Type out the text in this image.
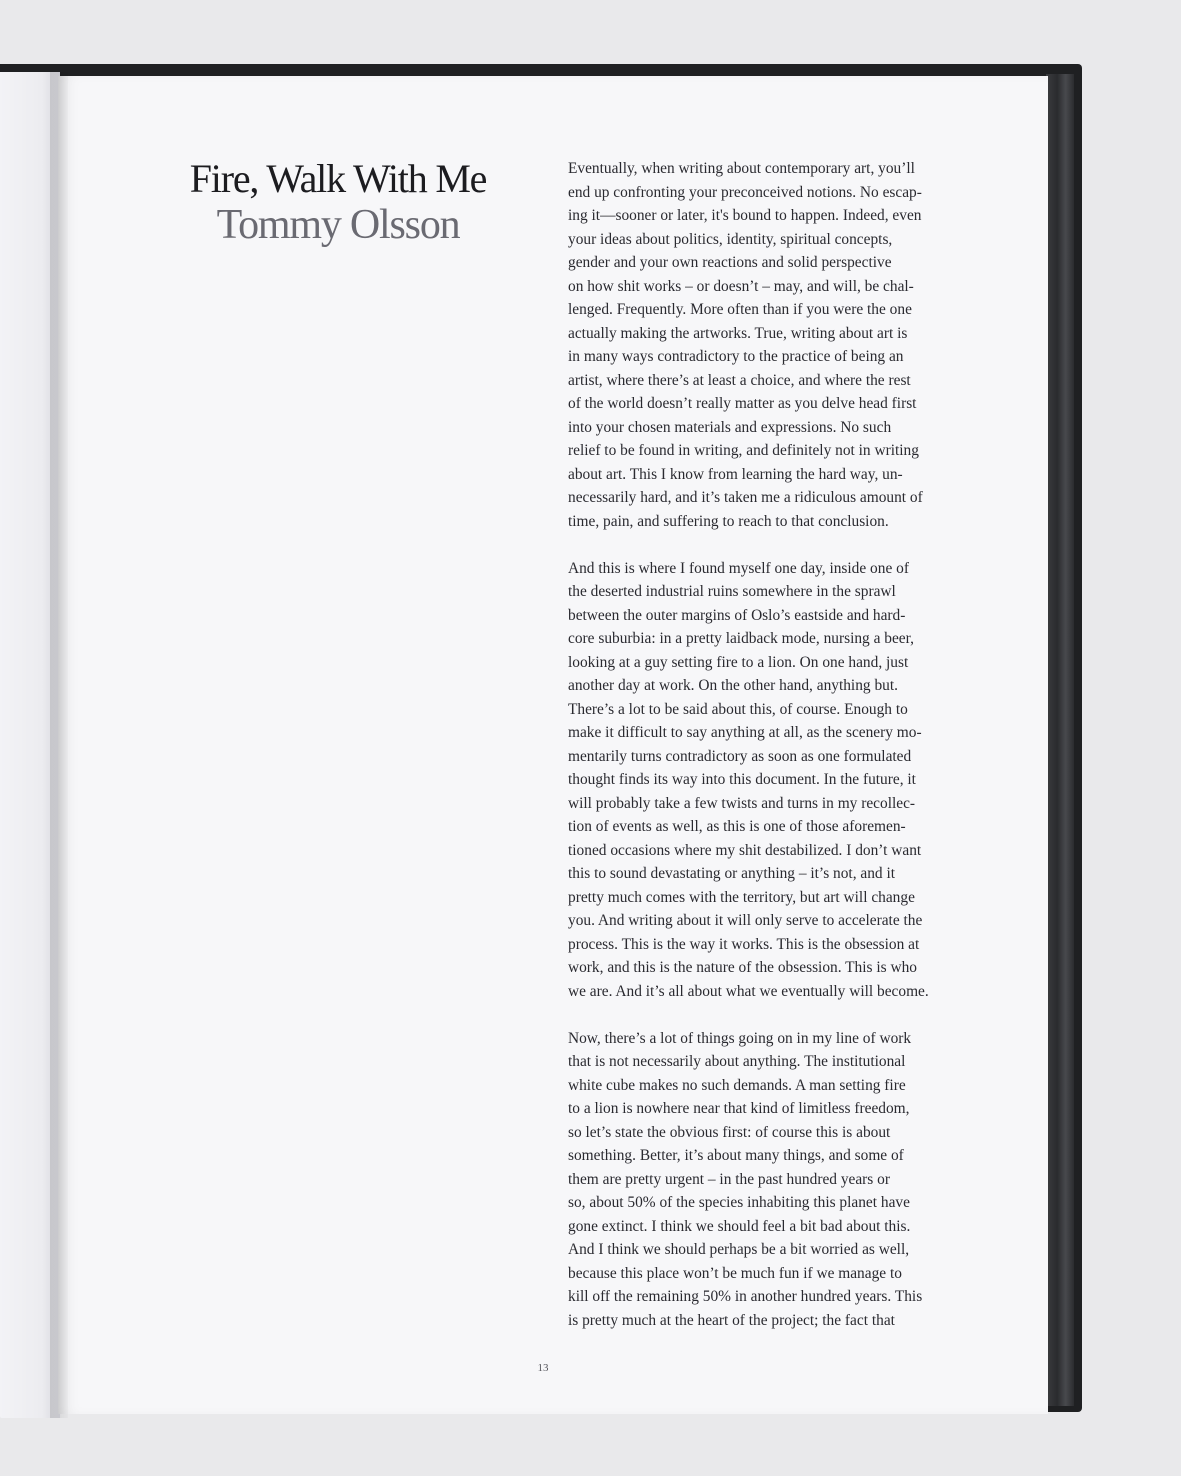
Fire, Walk With Me
Tommy Olsson
Eventually, when writing about contemporary art, you’ll
end up confronting your preconceived notions. No escap-
ing it—sooner or later, it's bound to happen. Indeed, even
your ideas about politics, identity, spiritual concepts,
gender and your own reactions and solid perspective
on how shit works – or doesn’t – may, and will, be chal-
lenged. Frequently. More often than if you were the one
actually making the artworks. True, writing about art is
in many ways contradictory to the practice of being an
artist, where there’s at least a choice, and where the rest
of the world doesn’t really matter as you delve head first
into your chosen materials and expressions. No such
relief to be found in writing, and definitely not in writing
about art. This I know from learning the hard way, un-
necessarily hard, and it’s taken me a ridiculous amount of
time, pain, and suffering to reach to that conclusion.
And this is where I found myself one day, inside one of
the deserted industrial ruins somewhere in the sprawl
between the outer margins of Oslo’s eastside and hard-
core suburbia: in a pretty laidback mode, nursing a beer,
looking at a guy setting fire to a lion. On one hand, just
another day at work. On the other hand, anything but.
There’s a lot to be said about this, of course. Enough to
make it difficult to say anything at all, as the scenery mo-
mentarily turns contradictory as soon as one formulated
thought finds its way into this document. In the future, it
will probably take a few twists and turns in my recollec-
tion of events as well, as this is one of those aforemen-
tioned occasions where my shit destabilized. I don’t want
this to sound devastating or anything – it’s not, and it
pretty much comes with the territory, but art will change
you. And writing about it will only serve to accelerate the
process. This is the way it works. This is the obsession at
work, and this is the nature of the obsession. This is who
we are. And it’s all about what we eventually will become.
Now, there’s a lot of things going on in my line of work
that is not necessarily about anything. The institutional
white cube makes no such demands. A man setting fire
to a lion is nowhere near that kind of limitless freedom,
so let’s state the obvious first: of course this is about
something. Better, it’s about many things, and some of
them are pretty urgent – in the past hundred years or
so, about 50% of the species inhabiting this planet have
gone extinct. I think we should feel a bit bad about this.
And I think we should perhaps be a bit worried as well,
because this place won’t be much fun if we manage to
kill off the remaining 50% in another hundred years. This
is pretty much at the heart of the project; the fact that
13
